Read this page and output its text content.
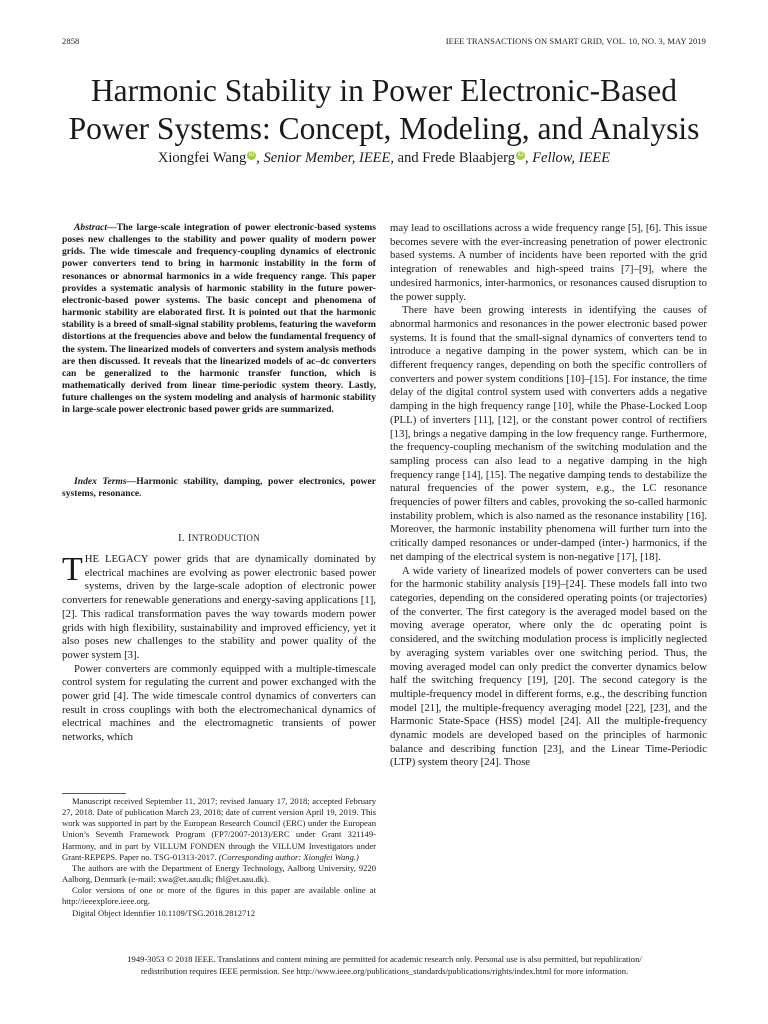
2858	IEEE TRANSACTIONS ON SMART GRID, VOL. 10, NO. 3, MAY 2019
Harmonic Stability in Power Electronic-Based
Power Systems: Concept, Modeling, and Analysis
Xiongfei Wang iD , Senior Member, IEEE, and Frede Blaabjerg iD , Fellow, IEEE

Abstract—The large-scale integration of power electronic-based systems poses new challenges to the stability and power quality of modern power grids. The wide timescale and frequency-coupling dynamics of electronic power converters tend to bring in harmonic instability in the form of resonances or abnormal harmonics in a wide frequency range. This paper provides a systematic analysis of harmonic stability in the future power-electronic-based power systems. The basic concept and phenomena of harmonic stability are elaborated first. It is pointed out that the harmonic stability is a breed of small-signal stability problems, featuring the waveform distortions at the frequencies above and below the fundamental frequency of the system. The linearized models of converters and system analysis methods are then discussed. It reveals that the linearized models of ac–dc converters can be generalized to the harmonic transfer function, which is mathematically derived from linear time-periodic system theory. Lastly, future challenges on the system modeling and analysis of harmonic stability in large-scale power electronic based power grids are summarized.

Index Terms—Harmonic stability, damping, power electronics, power systems, resonance.

I. INTRODUCTION

THE LEGACY power grids that are dynamically dominated by electrical machines are evolving as power electronic based power systems, driven by the large-scale adoption of electronic power converters for renewable generations and energy-saving applications [1], [2]. This radical transformation paves the way towards modern power grids with high flexibility, sustainability and improved efficiency, yet it also poses new challenges to the stability and power quality of the power system [3].

Power converters are commonly equipped with a multiple-timescale control system for regulating the current and power exchanged with the power grid [4]. The wide timescale control dynamics of converters can result in cross couplings with both the electromechanical dynamics of electrical machines and the electromagnetic transients of power networks, which

Manuscript received September 11, 2017; revised January 17, 2018; accepted February 27, 2018. Date of publication March 23, 2018; date of current version April 19, 2019. This work was supported in part by the European Research Council (ERC) under the European Union’s Seventh Framework Program (FP7/2007-2013)/ERC under Grant 321149-Harmony, and in part by VILLUM FONDEN through the VILLUM Investigators under Grant-REPEPS. Paper no. TSG-01313-2017. (Corresponding author: Xiongfei Wang.)

The authors are with the Department of Energy Technology, Aalborg University, 9220 Aalborg, Denmark (e-mail: xwa@et.aau.dk; fbl@et.aau.dk).

Color versions of one or more of the figures in this paper are available online at http://ieeexplore.ieee.org.

Digital Object Identifier 10.1109/TSG.2018.2812712

may lead to oscillations across a wide frequency range [5], [6]. This issue becomes severe with the ever-increasing penetration of power electronic based systems. A number of incidents have been reported with the grid integration of renewables and high-speed trains [7]–[9], where the undesired harmonics, inter-harmonics, or resonances caused disruption to the power supply.

There have been growing interests in identifying the causes of abnormal harmonics and resonances in the power electronic based power systems. It is found that the small-signal dynamics of converters tend to introduce a negative damping in the power system, which can be in different frequency ranges, depending on both the specific controllers of converters and power system conditions [10]–[15]. For instance, the time delay of the digital control system used with converters adds a negative damping in the high frequency range [10], while the Phase-Locked Loop (PLL) of inverters [11], [12], or the constant power control of rectifiers [13], brings a negative damping in the low frequency range. Furthermore, the frequency-coupling mechanism of the switching modulation and the sampling process can also lead to a negative damping in the high frequency range [14], [15]. The negative damping tends to destabilize the natural frequencies of the power system, e.g., the LC resonance frequencies of power filters and cables, provoking the so-called harmonic instability problem, which is also named as the resonance instability [16]. Moreover, the harmonic instability phenomena will further turn into the critically damped resonances or under-damped (inter-) harmonics, if the net damping of the electrical system is non-negative [17], [18].

A wide variety of linearized models of power converters can be used for the harmonic stability analysis [19]–[24]. These models fall into two categories, depending on the considered operating points (or trajectories) of the converter. The first category is the averaged model based on the moving average operator, where only the dc operating point is considered, and the switching modulation process is implicitly neglected by averaging system variables over one switching period. Thus, the moving averaged model can only predict the converter dynamics below half the switching frequency [19], [20]. The second category is the multiple-frequency model in different forms, e.g., the describing function model [21], the multiple-frequency averaging model [22], [23], and the Harmonic State-Space (HSS) model [24]. All the multiple-frequency dynamic models are developed based on the principles of harmonic balance and describing function [23], and the Linear Time-Periodic (LTP) system theory [24]. Those

1949-3053 © 2018 IEEE. Translations and content mining are permitted for academic research only. Personal use is also permitted, but republication/
redistribution requires IEEE permission. See http://www.ieee.org/publications_standards/publications/rights/index.html for more information.
